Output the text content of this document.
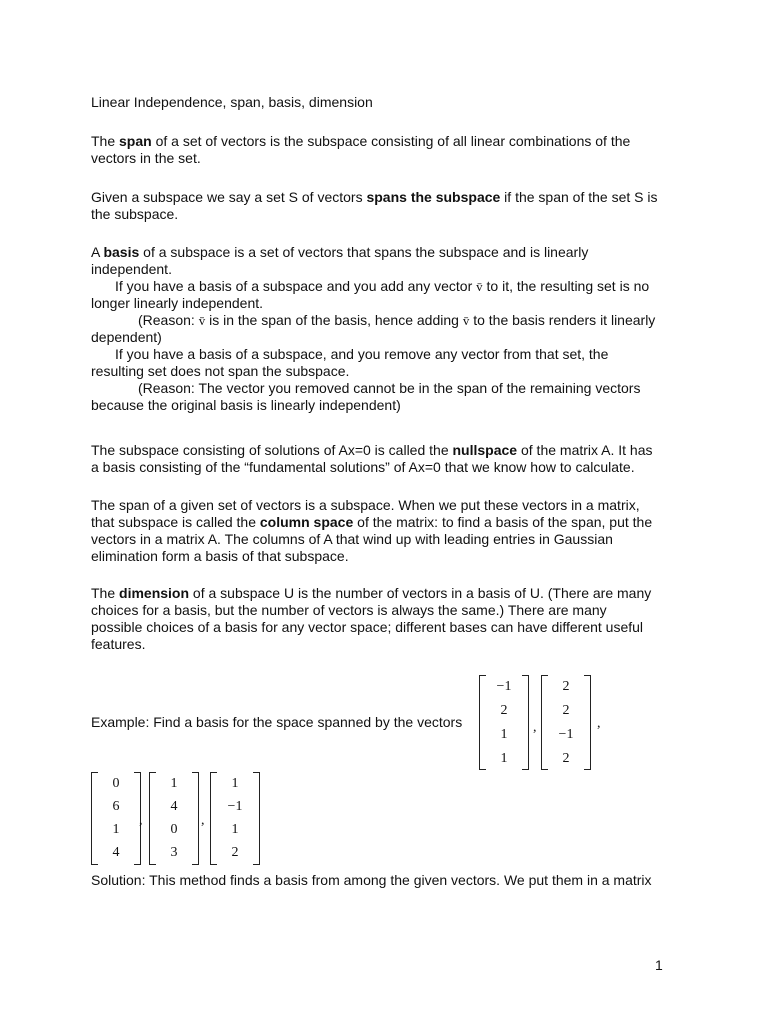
Linear Independence, span, basis, dimension
The span of a set of vectors is the subspace consisting of all linear combinations of the
vectors in the set.
Given a subspace we say a set S of vectors spans the subspace if the span of the set S is
the subspace.
A basis of a subspace is a set of vectors that spans the subspace and is linearly
independent.
If you have a basis of a subspace and you add any vector v̄ to it, the resulting set is no
longer linearly independent.
(Reason: v̄ is in the span of the basis, hence adding v̄ to the basis renders it linearly
dependent)
If you have a basis of a subspace, and you remove any vector from that set, the
resulting set does not span the subspace.
(Reason: The vector you removed cannot be in the span of the remaining vectors
because the original basis is linearly independent)
The subspace consisting of solutions of Ax=0 is called the nullspace of the matrix A. It has
a basis consisting of the “fundamental solutions” of Ax=0 that we know how to calculate.
The span of a given set of vectors is a subspace. When we put these vectors in a matrix,
that subspace is called the column space of the matrix: to find a basis of the span, put the
vectors in a matrix A. The columns of A that wind up with leading entries in Gaussian
elimination form a basis of that subspace.
The dimension of a subspace U is the number of vectors in a basis of U. (There are many
choices for a basis, but the number of vectors is always the same.) There are many
possible choices of a basis for any vector space; different bases can have different useful
features.
Example: Find a basis for the space spanned by the vectors
−1
2
1
1
,
2
2
−1
2
,
0
6
1
4
,
1
4
0
3
,
1
−1
1
2
Solution: This method finds a basis from among the given vectors. We put them in a matrix
1
